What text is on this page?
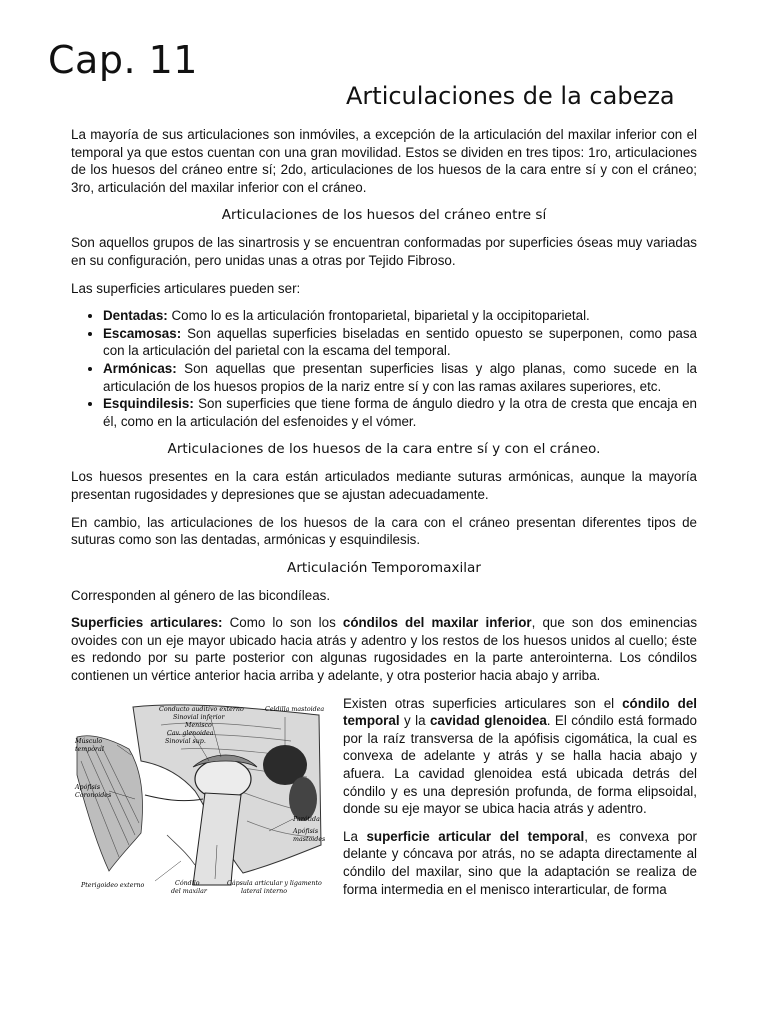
Cap. 11
Articulaciones de la cabeza

La mayoría de sus articulaciones son inmóviles, a excepción de la articulación del maxilar inferior con el temporal ya que estos cuentan con una gran movilidad. Estos se dividen en tres tipos: 1ro, articulaciones de los huesos del cráneo entre sí; 2do, articulaciones de los huesos de la cara entre sí y con el cráneo; 3ro, articulación del maxilar inferior con el cráneo.

Articulaciones de los huesos del cráneo entre sí

Son aquellos grupos de las sinartrosis y se encuentran conformadas por superficies óseas muy variadas en su configuración, pero unidas unas a otras por Tejido Fibroso.

Las superficies articulares pueden ser:

• Dentadas: Como lo es la articulación frontoparietal, biparietal y la occipitoparietal.
• Escamosas: Son aquellas superficies biseladas en sentido opuesto se superponen, como pasa con la articulación del parietal con la escama del temporal.
• Armónicas: Son aquellas que presentan superficies lisas y algo planas, como sucede en la articulación de los huesos propios de la nariz entre sí y con las ramas axilares superiores, etc.
• Esquindilesis: Son superficies que tiene forma de ángulo diedro y la otra de cresta que encaja en él, como en la articulación del esfenoides y el vómer.
Articulaciones de los huesos de la cara entre sí y con el cráneo.

Los huesos presentes en la cara están articulados mediante suturas armónicas, aunque la mayoría presentan rugosidades y depresiones que se ajustan adecuadamente.

En cambio, las articulaciones de los huesos de la cara con el cráneo presentan diferentes tipos de suturas como son las dentadas, armónicas y esquindilesis.

Articulación Temporomaxilar

Corresponden al género de las bicondíleas.

Superficies articulares: Como lo son los cóndilos del maxilar inferior, que son dos eminencias ovoides con un eje mayor ubicado hacia atrás y adentro y los restos de los huesos unidos al cuello; éste es redondo por su parte posterior con algunas rugosidades en la parte anterointerna. Los cóndilos contienen un vértice anterior hacia arriba y adelante, y otra posterior hacia abajo y arriba.

Conducto auditivo externo
Sinovial inferior
Menisco
Cav. glenoidea
Sinovial sup.
Celdilla mastoidea
Músculo
temporal
Apófisis
Coronoides
Parótida
Apófisis
mastoides
Pterigoideo externo	Cóndilo
del maxilar
Cápsula articular y ligamento
lateral interno

Existen otras superficies articulares son el cóndilo del temporal y la cavidad glenoidea. El cóndilo está formado por la raíz transversa de la apófisis cigomática, la cual es convexa de adelante y atrás y se halla hacia abajo y afuera. La cavidad glenoidea está ubicada detrás del cóndilo y es una depresión profunda, de forma elipsoidal, donde su eje mayor se ubica hacia atrás y adentro.

La superficie articular del temporal, es convexa por delante y cóncava por atrás, no se adapta directamente al cóndilo del maxilar, sino que la adaptación se realiza de forma intermedia en el menisco interarticular, de forma
